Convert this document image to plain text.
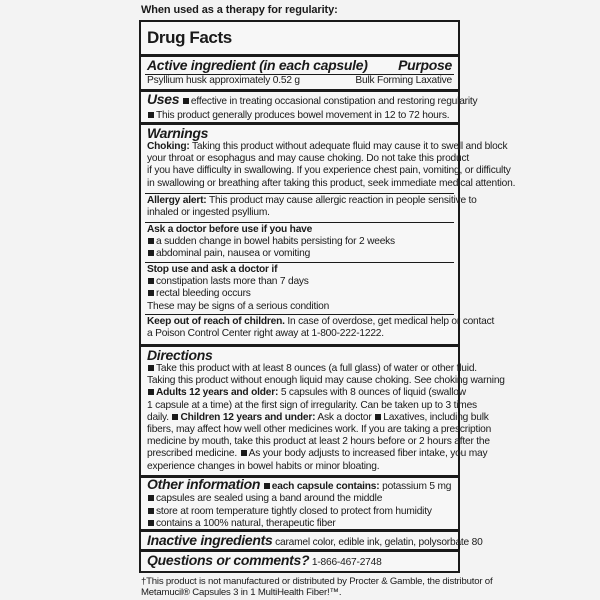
When used as a therapy for regularity:
Drug Facts
Active ingredient (in each capsule) Purpose
Psyllium husk approximately 0.52 g	Bulk Forming Laxative
Uses effective in treating occasional constipation and restoring regularity
This product generally produces bowel movement in 12 to 72 hours.
Warnings
Choking: Taking this product without adequate fluid may cause it to swell and block
your throat or esophagus and may cause choking. Do not take this product
if you have difficulty in swallowing. If you experience chest pain, vomiting, or difficulty
in swallowing or breathing after taking this product, seek immediate medical attention.
Allergy alert: This product may cause allergic reaction in people sensitive to
inhaled or ingested psyllium.
Ask a doctor before use if you have
a sudden change in bowel habits persisting for 2 weeks
abdominal pain, nausea or vomiting
Stop use and ask a doctor if
constipation lasts more than 7 days
rectal bleeding occurs
These may be signs of a serious condition
Keep out of reach of children. In case of overdose, get medical help or contact
a Poison Control Center right away at 1-800-222-1222.
Directions
Take this product with at least 8 ounces (a full glass) of water or other fluid.
Taking this product without enough liquid may cause choking. See choking warning
Adults 12 years and older: 5 capsules with 8 ounces of liquid (swallow
1 capsule at a time) at the first sign of irregularity. Can be taken up to 3 times
daily. Children 12 years and under: Ask a doctor Laxatives, including bulk
fibers, may affect how well other medicines work. If you are taking a prescription
medicine by mouth, take this product at least 2 hours before or 2 hours after the
prescribed medicine. As your body adjusts to increased fiber intake, you may
experience changes in bowel habits or minor bloating.
Other information each capsule contains: potassium 5 mg
capsules are sealed using a band around the middle
store at room temperature tightly closed to protect from humidity
contains a 100% natural, therapeutic fiber
Inactive ingredients caramel color, edible ink, gelatin, polysorbate 80
Questions or comments? 1-866-467-2748
†This product is not manufactured or distributed by Procter & Gamble, the distributor of
Metamucil® Capsules 3 in 1 MultiHealth Fiber!™.
